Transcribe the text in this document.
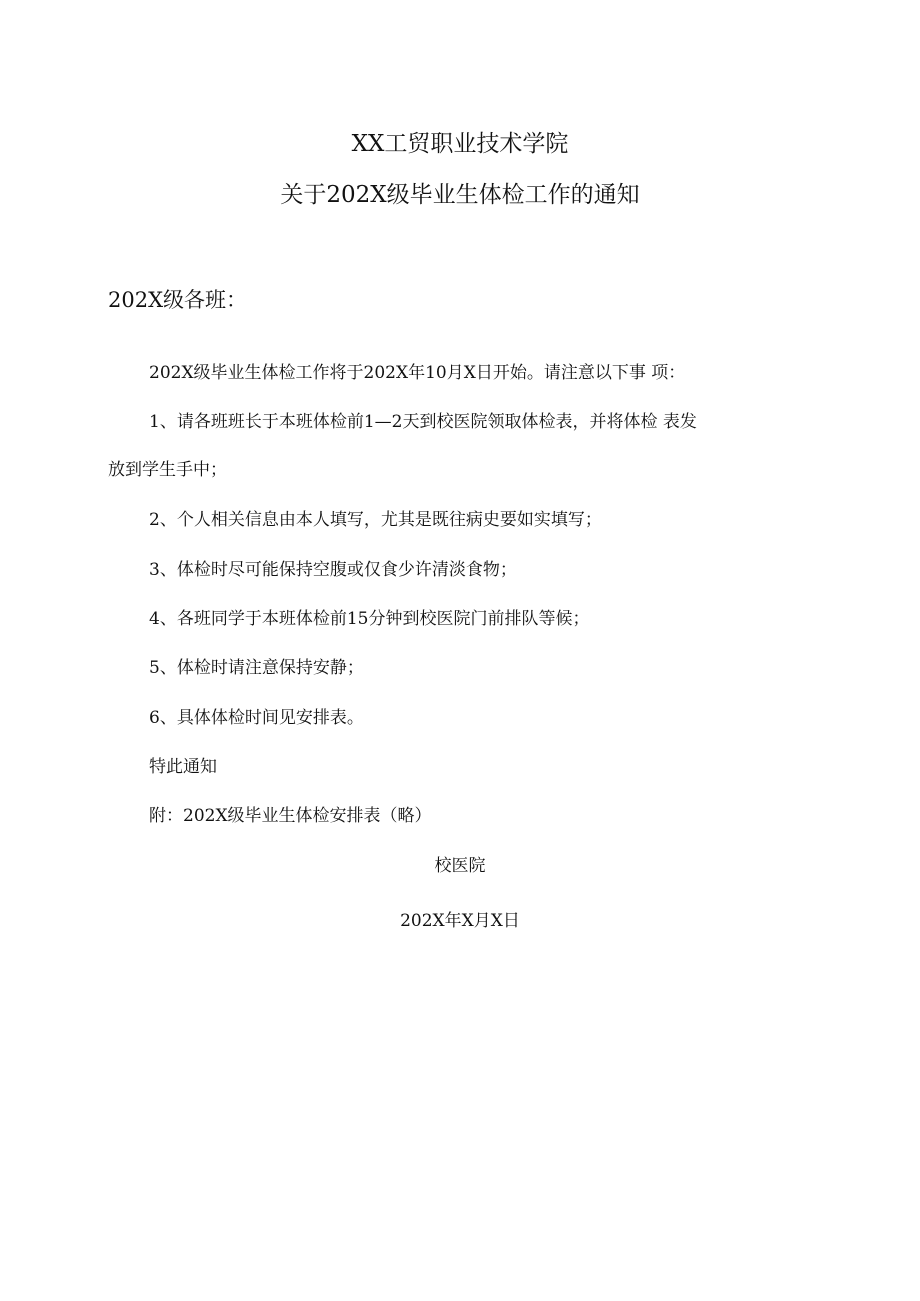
XX工贸职业技术学院
关于202X级毕业生体检工作的通知
202X级各班：
202X级毕业生体检工作将于202X年10月X日开始。请注意以下事 项：
1、请各班班长于本班体检前1—2天到校医院领取体检表，并将体检 表发
放到学生手中；
2、个人相关信息由本人填写，尤其是既往病史要如实填写；
3、体检时尽可能保持空腹或仅食少许清淡食物；
4、各班同学于本班体检前15分钟到校医院门前排队等候；
5、体检时请注意保持安静；
6、具体体检时间见安排表。
特此通知
附：202X级毕业生体检安排表（略）
校医院
202X年X月X日
